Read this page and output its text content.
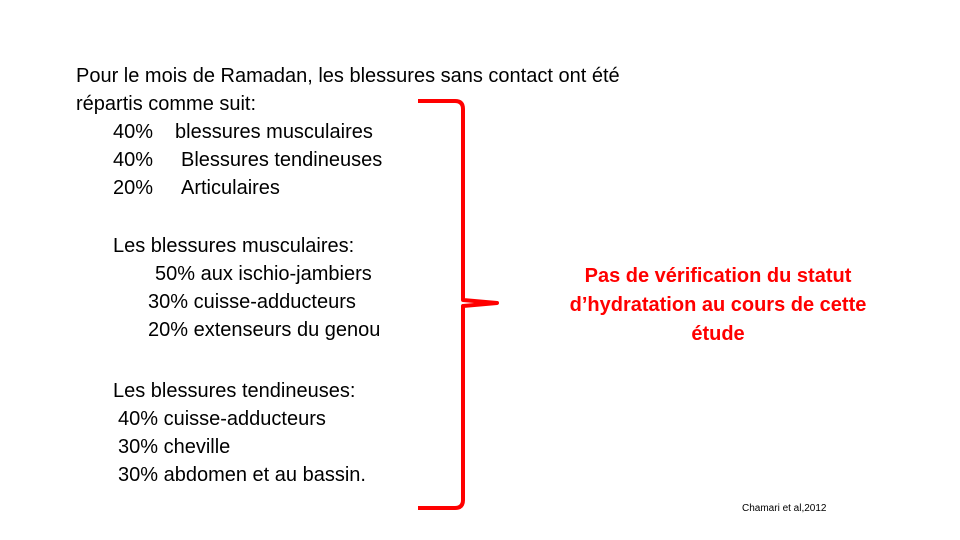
Pour le mois de Ramadan, les blessures sans contact ont été
répartis comme suit:
40% blessures musculaires
40% Blessures tendineuses
20% Articulaires
Les blessures musculaires:
50% aux ischio-jambiers
30% cuisse-adducteurs
20% extenseurs du genou
Les blessures tendineuses:
40% cuisse-adducteurs
30% cheville
30% abdomen et au bassin.
Pas de vérification du statut d’hydratation au cours de cette étude
Chamari et al,2012
